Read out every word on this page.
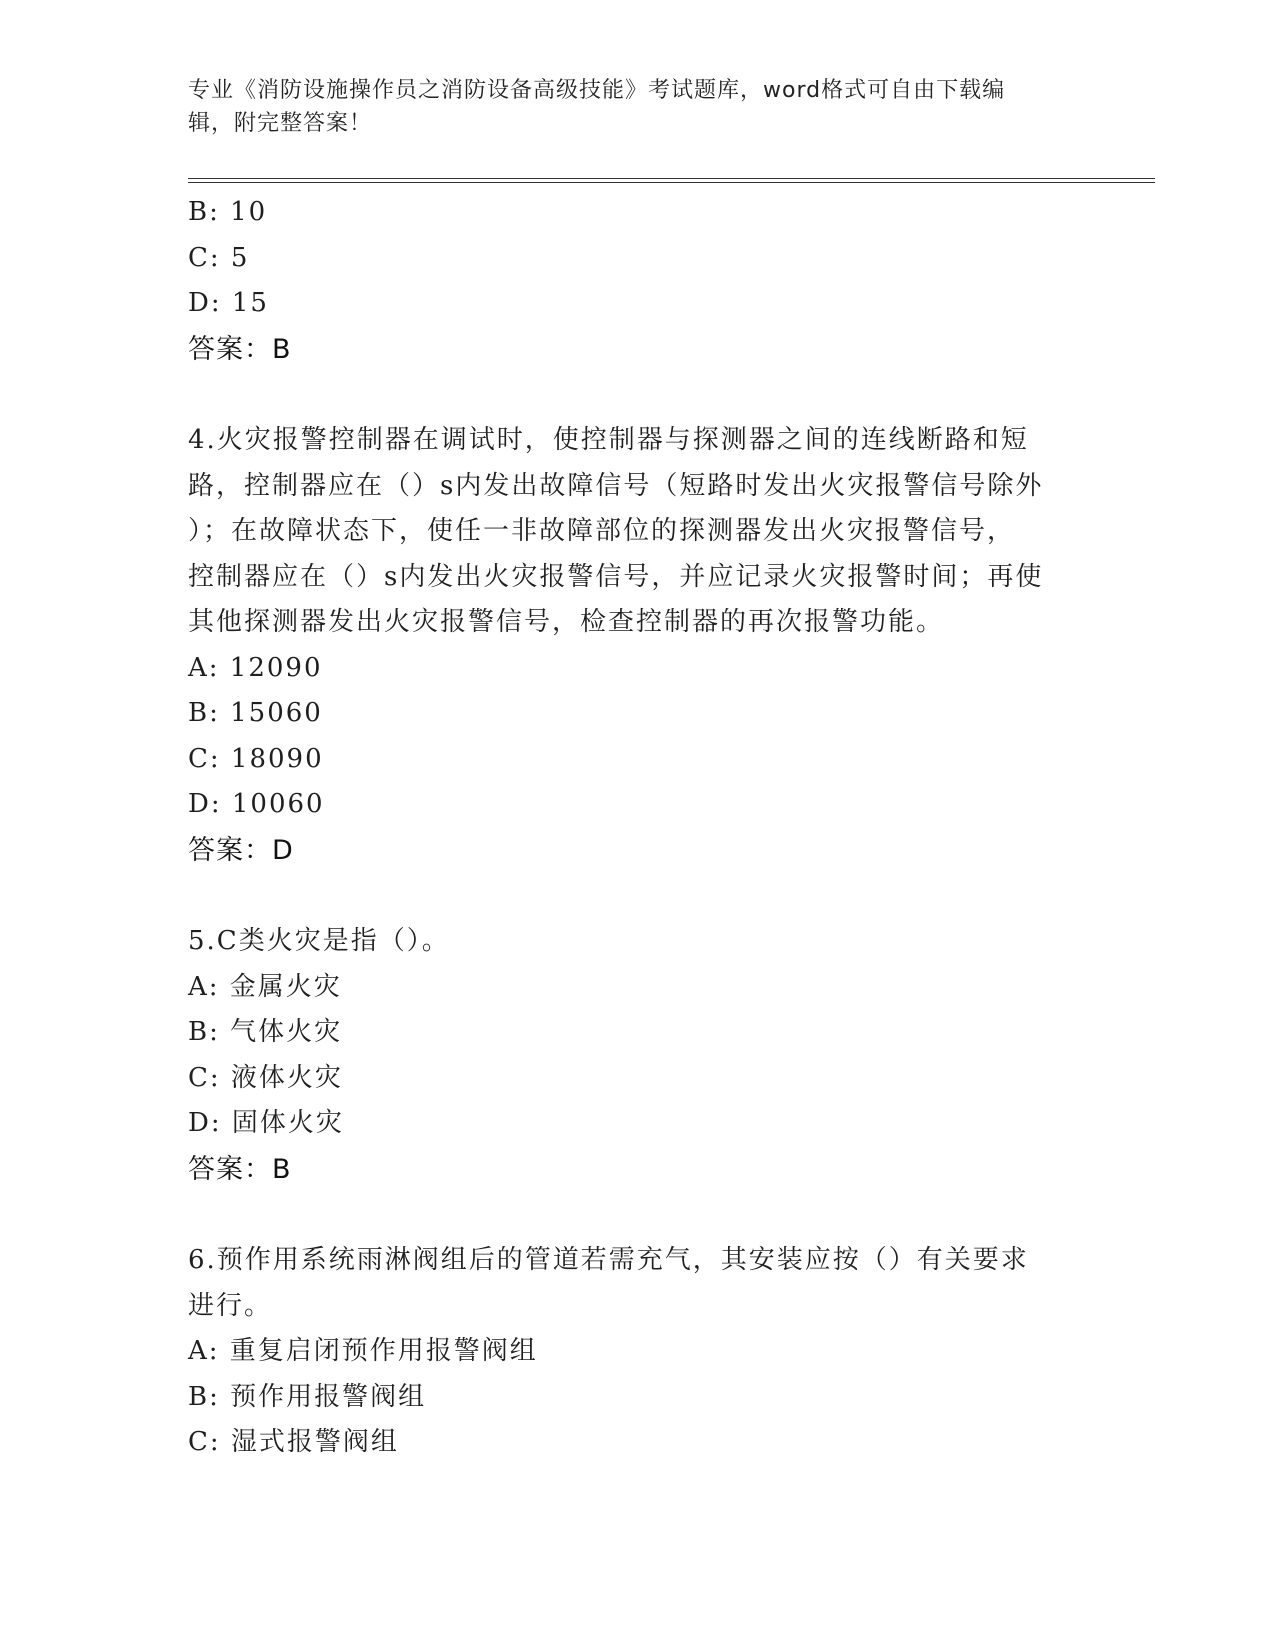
专业《消防设施操作员之消防设备高级技能》考试题库，word格式可自由下载编
辑，附完整答案！
B: 10
C: 5
D: 15
答案：B
4.火灾报警控制器在调试时，使控制器与探测器之间的连线断路和短
路，控制器应在（）s内发出故障信号（短路时发出火灾报警信号除外
）；在故障状态下，使任一非故障部位的探测器发出火灾报警信号，
控制器应在（）s内发出火灾报警信号，并应记录火灾报警时间；再使
其他探测器发出火灾报警信号，检查控制器的再次报警功能。
A: 12090
B: 15060
C: 18090
D: 10060
答案：D
5.C类火灾是指（）。
A: 金属火灾
B: 气体火灾
C: 液体火灾
D: 固体火灾
答案：B
6.预作用系统雨淋阀组后的管道若需充气，其安装应按（）有关要求
进行。
A: 重复启闭预作用报警阀组
B: 预作用报警阀组
C: 湿式报警阀组
